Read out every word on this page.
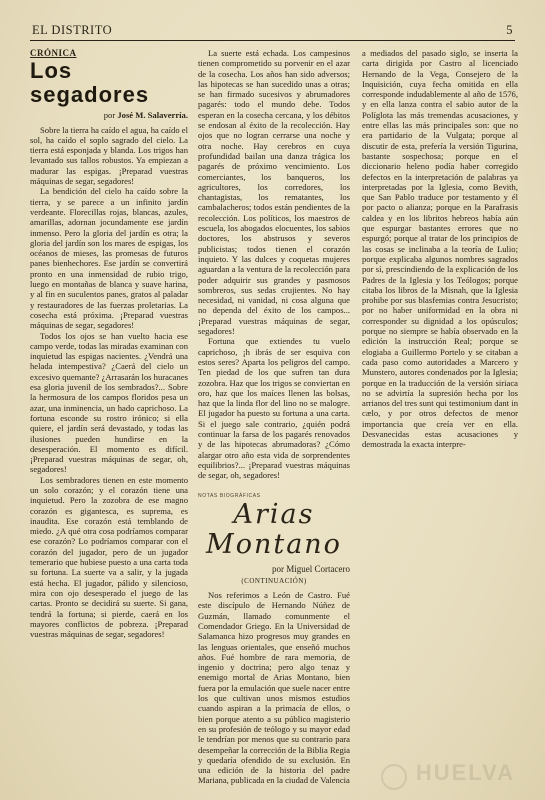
EL DISTRITO	5
CRÓNICA
Los segadores
por José M. Salaverría.

Sobre la tierra ha caído el agua, ha caído el sol, ha caído el soplo sagrado del cielo. La tierra está esponjada y blanda. Los trigos han levantado sus tallos robustos. Ya empiezan a madurar las espigas. ¡Preparad vuestras máquinas de segar, segadores!

La bendición del cielo ha caído sobre la tierra, y se parece a un infinito jardín verdeante. Florecillas rojas, blancas, azules, amarillas, adornan jocundamente ese jardín inmenso. Pero la gloria del jardín es otra; la gloria del jardín son los mares de espigas, los océanos de mieses, las promesas de futuros panes bienhechores. Ese jardín se convertirá pronto en una inmensidad de rubio trigo, luego en montañas de blanca y suave harina, y al fin en suculentos panes, gratos al paladar y restauradores de las fuerzas proletarias. La cosecha está próxima. ¡Preparad vuestras máquinas de segar, segadores!

Todos los ojos se han vuelto hacia ese campo verde, todas las miradas examinan con inquietud las espigas nacientes. ¿Vendrá una helada intempestiva? ¿Caerá del cielo un excesivo quemante? ¿Arrasarán los huracanes esa gloria juvenil de los sembrados?... Sobre la hermosura de los campos floridos pesa un azar, una inminencia, un hado caprichoso. La fortuna esconde su rostro irónico; si ella quiere, el jardín será devastado, y todas las ilusiones pueden hundirse en la desesperación. El momento es difícil. ¡Preparad vuestras máquinas de segar, oh, segadores!

Los sembradores tienen en este momento un solo corazón; y el corazón tiene una inquietud. Pero la zozobra de ese magno corazón es gigantesca, es suprema, es inaudita. Ese corazón está temblando de miedo. ¿A qué otra cosa podríamos comparar ese corazón? Lo podríamos comparar con el corazón del jugador, pero de un jugador temerario que hubiese puesto a una carta toda su fortuna. La suerte va a salir, y la jugada está hecha. El jugador, pálido y silencioso, mira con ojo desesperado el juego de las cartas. Pronto se decidirá su suerte. Si gana, tendrá la fortuna; si pierde, caerá en los mayores conflictos de pobreza. ¡Preparad vuestras máquinas de segar, segadores!

La suerte está echada. Los campesinos tienen comprometido su porvenir en el azar de la cosecha. Los años han sido adversos; las hipotecas se han sucedido unas a otras; se han firmado sucesivos y abrumadores pagarés: todo el mundo debe. Todos esperan en la cosecha cercana, y los débitos se endosan al éxito de la recolección. Hay ojos que no logran cerrarse una noche y otra noche. Hay cerebros en cuya profundidad bailan una danza trágica los pagarés de próximo vencimiento. Los comerciantes, los banqueros, los agricultores, los corredores, los chantagistas, los rematantes, los cambalacheros; todos están pendientes de la recolección. Los políticos, los maestros de escuela, los abogados elocuentes, los sabios doctores, los abstrusos y severos publicistas; todos tienen el corazón inquieto. Y las dulces y coquetas mujeres aguardan a la ventura de la recolección para poder adquirir sus grandes y pasmosos sombreros, sus sedas crujientes. No hay necesidad, ni vanidad, ni cosa alguna que no dependa del éxito de los campos... ¡Preparad vuestras máquinas de segar, segadores!

Fortuna que extiendes tu vuelo caprichoso, ¡h ibrás de ser esquiva con estos seres? Aparta los peligros del campo. Ten piedad de los que sufren tan dura zozobra. Haz que los trigos se conviertan en oro, haz que los maíces llenen las bolsas, haz que la linda flor del lino no se malogre. El jugador ha puesto su fortuna a una carta. Si el juego sale contrario, ¿quién podrá continuar la farsa de los pagarés renovados y de las hipotecas abrumadoras? ¿Cómo alargar otro año esta vida de sorprendentes equilibrios?... ¡Preparad vuestras máquinas de segar, oh, segadores!

NOTAS BIOGRÁFICAS
Arias Montano
por Miguel Cortacero
(CONTINUACIÓN)

Nos referimos a León de Castro. Fué este discípulo de Hernando Núñez de Guzmán, llamado comunmente el Comendador Griego. En la Universidad de Salamanca hizo progresos muy grandes en las lenguas orientales, que enseñó muchos años. Fué hombre de rara memoria, de ingenio y doctrina; pero algo tenaz y enemigo mortal de Arias Montano, bien fuera por la emulación que suele nacer entre los que cultivan unos mismos estudios cuando aspiran a la primacía de ellos, o bien porque atento a su público magisterio en su profesión de teólogo y su mayor edad le tendrían por menos que su contrario para desempeñar la corrección de la Biblia Regia y quedaría ofendido de su exclusión. En una edición de la historia del padre Mariana, publicada en la ciudad de Valencia

a mediados del pasado siglo, se inserta la carta dirigida por Castro al licenciado Hernando de la Vega, Consejero de la Inquisición, cuya fecha omitida en ella corresponde indudablemente al año de 1576, y en ella lanza contra el sabio autor de la Políglota las más tremendas acusaciones, y entre ellas las más principales son: que no era partidario de la Vulgata; porque al discutir de esta, prefería la versión Tigurina, bastante sospechosa; porque en el diccionario heleno podía haber corregido defectos en la interpretación de palabras ya interpretadas por la Iglesia, como Bevith, que San Pablo traduce por testamento y él por pacto o alianza; porque en la Parafrasis caldea y en los libritos hebreos había aún que espurgar bastantes errores que no espurgó; porque al tratar de los principios de las cosas se inclinaba a la teoría de Lulio; porque explicaba algunos nombres sagrados por sí, prescindiendo de la explicación de los Padres de la Iglesia y los Teólogos; porque citaba los libros de la Misnah, que la Iglesia prohibe por sus blasfemias contra Jesucristo; por no haber uniformidad en la obra ni corresponder su dignidad a los opúsculos; porque no siempre se había observado en la edición la instrucción Real; porque se elogiaba a Guillermo Portelo y se citaban a cada paso como autoridades a Marcero y Munstero, autores condenados por la Iglesia; porque en la traducción de la versión siriaca no se advirtía la supresión hecha por los arrianos del tres sunt qui testimonium dant in cælo, y por otros defectos de menor importancia que creía ver en ella. Desvanecidas estas acusaciones y demostrada la exacta interpre-

HUELVA
